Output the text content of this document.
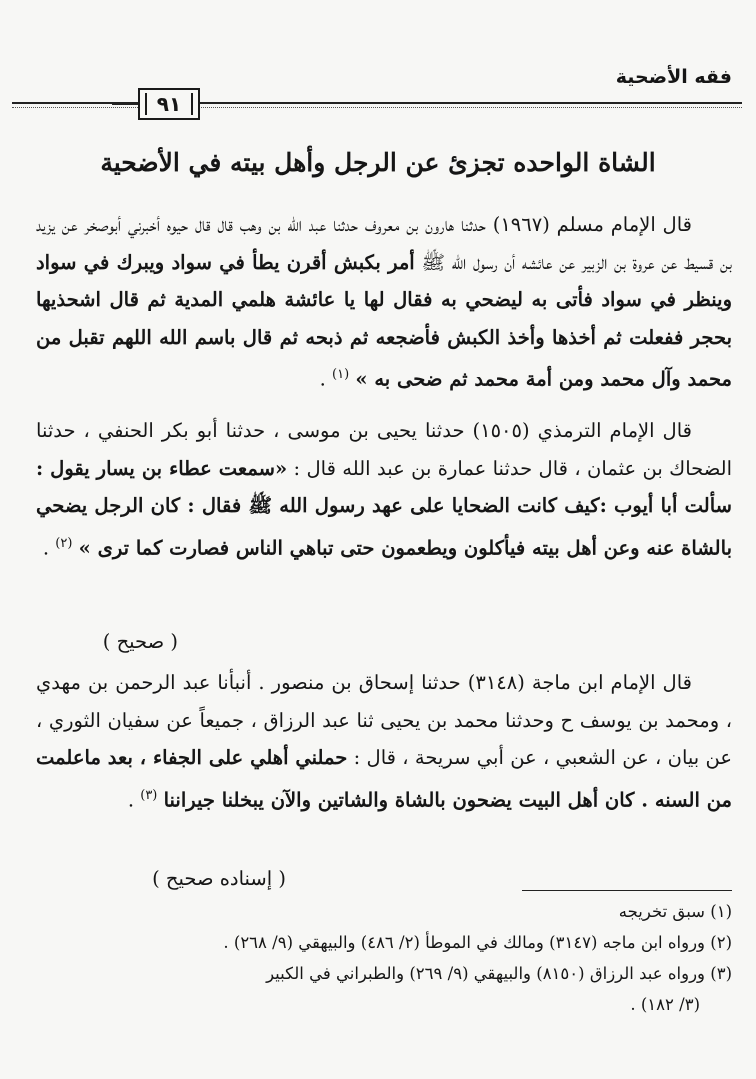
فقه الأضحية
٩١
الشاة الواحده تجزئ عن الرجل وأهل بيته في الأضحية

قال الإمام مسلم (١٩٦٧) حدثنا هارون بن معروف حدثنا عبد الله بن وهب قال قال حيوه أخبرني أبوصخر عن يزيد بن قسيط عن عروة بن الزبير عن عائشه أن رسول الله ﷺ أمر بكبش أقرن يطأ في سواد ويبرك في سواد وينظر في سواد فأتى به ليضحي به فقال لها يا عائشة هلمي المدية ثم قال اشحذيها بحجر ففعلت ثم أخذها وأخذ الكبش فأضجعه ثم ذبحه ثم قال باسم الله اللهم تقبل من محمد وآل محمد ومن أمة محمد ثم ضحى به » $^{(١)}$ .

قال الإمام الترمذي (١٥٠٥) حدثنا يحيى بن موسى ، حدثنا أبو بكر الحنفي ، حدثنا الضحاك بن عثمان ، قال حدثنا عمارة بن عبد الله قال : «سمعت عطاء بن يسار يقول : سألت أبا أيوب :كيف كانت الضحايا على عهد رسول الله ﷺ فقال : كان الرجل يضحي بالشاة عنه وعن أهل بيته فيأكلون ويطعمون حتى تباهي الناس فصارت كما ترى » $^{(٢)}$ .

( صحيح )

قال الإمام ابن ماجة (٣١٤٨) حدثنا إسحاق بن منصور . أنبأنا عبد الرحمن بن مهدي ، ومحمد بن يوسف ح وحدثنا محمد بن يحيى ثنا عبد الرزاق ، جميعاً عن سفيان الثوري ، عن بيان ، عن الشعبي ، عن أبي سريحة ، قال : حملني أهلي على الجفاء ، بعد ماعلمت من السنه . كان أهل البيت يضحون بالشاة والشاتين والآن يبخلنا جيراننا $^{(٣)}$ .

( إسناده صحيح )

(١) سبق تخريجه

(٢) ورواه ابن ماجه (٣١٤٧) ومالك في الموطأ (٢/ ٤٨٦) والبيهقي (٩/ ٢٦٨) .

(٣) ورواه عبد الرزاق (٨١٥٠) والبيهقي (٩/ ٢٦٩) والطبراني في الكبير

(٣/ ١٨٢) .
